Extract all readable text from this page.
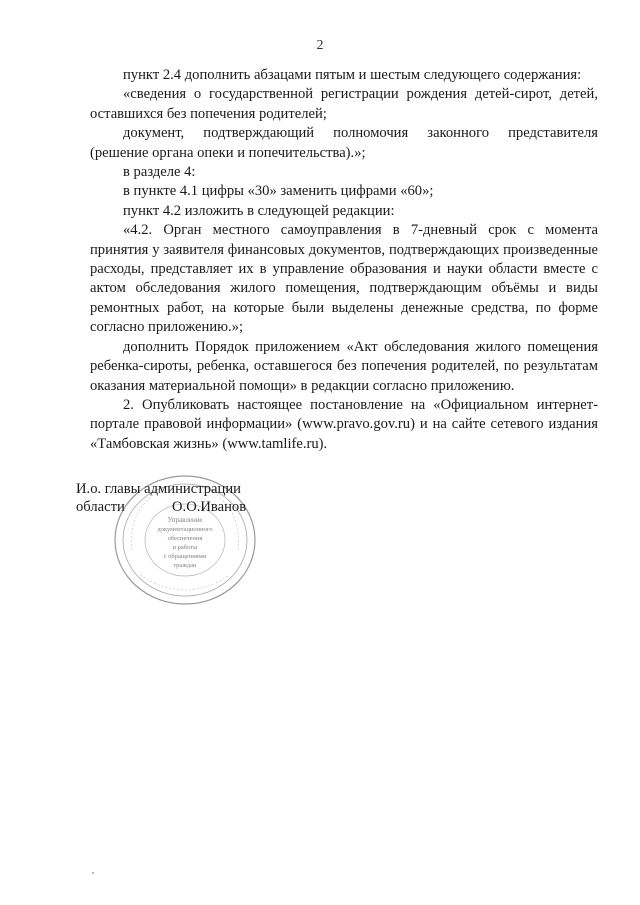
2

пункт 2.4 дополнить абзацами пятым и шестым следующего содержания:

«сведения о государственной регистрации рождения детей-сирот, детей, оставшихся без попечения родителей;

документ, подтверждающий полномочия законного представителя (решение органа опеки и попечительства).»;

в разделе 4:

в пункте 4.1 цифры «30» заменить цифрами «60»;

пункт 4.2 изложить в следующей редакции:

«4.2. Орган местного самоуправления в 7-дневный срок с момента принятия у заявителя финансовых документов, подтверждающих произведенные расходы, представляет их в управление образования и науки области вместе с актом обследования жилого помещения, подтверждающим объёмы и виды ремонтных работ, на которые были выделены денежные средства, по форме согласно приложению.»;

дополнить Порядок приложением «Акт обследования жилого помещения ребенка-сироты, ребенка, оставшегося без попечения родителей, по результатам оказания материальной помощи» в редакции согласно приложению.

2. Опубликовать настоящее постановление на «Официальном интернет-портале правовой информации» (www.pravo.gov.ru) и на сайте сетевого издания «Тамбовская жизнь» (www.tamlife.ru).

Управление
документационного
обеспечения
и работы
с обращениями
граждан
И.о. главы администрации
области	О.О.Иванов
